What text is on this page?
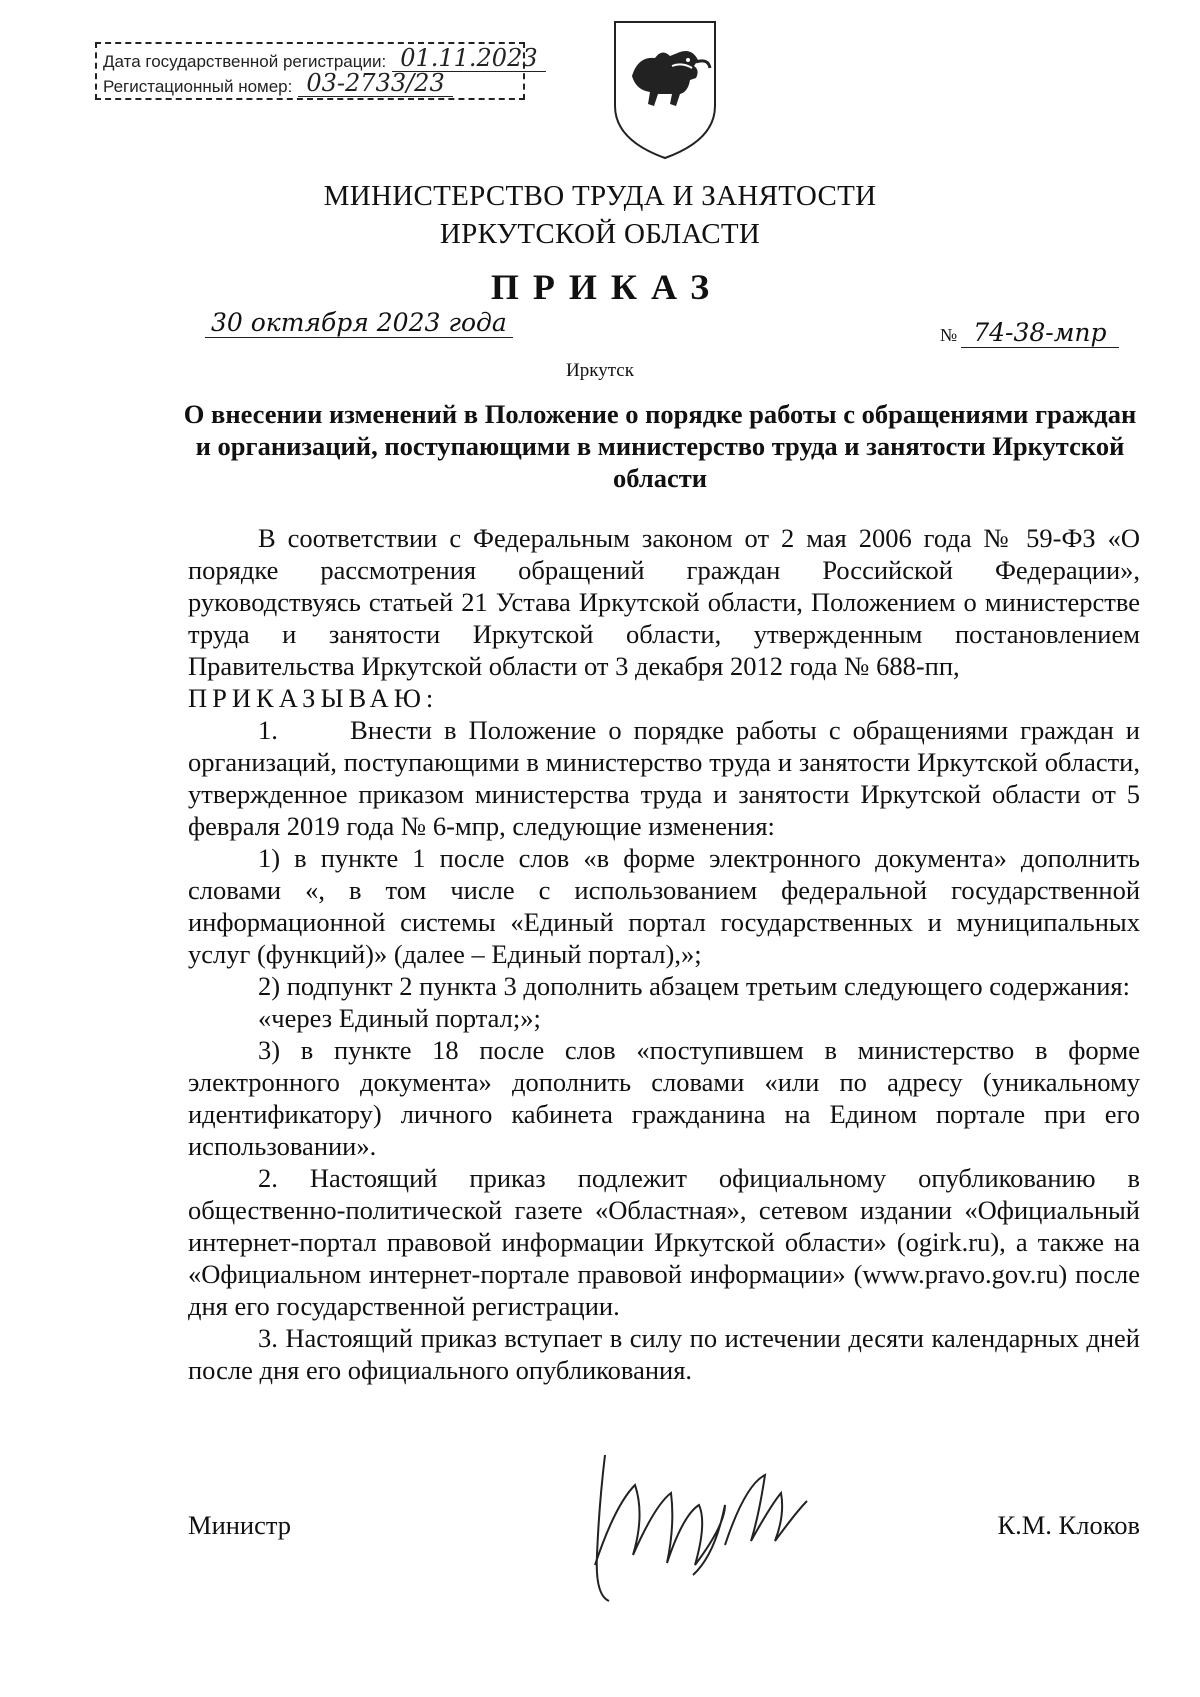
Дата государственной регистрации: 01.11.2023
Регистационный номер: 03-2733/23
МИНИСТЕРСТВО ТРУДА И ЗАНЯТОСТИ
ИРКУТСКОЙ ОБЛАСТИ
ПРИКАЗ
30 октября 2023 года	№ 74-38-мпр
Иркутск
О внесении изменений в Положение о порядке работы с обращениями граждан и организаций, поступающими в министерство труда и занятости Иркутской области

В соответствии с Федеральным законом от 2 мая 2006 года № 59-ФЗ «О порядке рассмотрения обращений граждан Российской Федерации», руководствуясь статьей 21 Устава Иркутской области, Положением о министерстве труда и занятости Иркутской области, утвержденным постановлением Правительства Иркутской области от 3 декабря 2012 года № 688-пп,

ПРИКАЗЫВАЮ:

1.      Внести в Положение о порядке работы с обращениями граждан и организаций, поступающими в министерство труда и занятости Иркутской области, утвержденное приказом министерства труда и занятости Иркутской области от 5 февраля 2019 года № 6-мпр, следующие изменения:

1) в пункте 1 после слов «в форме электронного документа» дополнить словами «, в том числе с использованием федеральной государственной информационной системы «Единый портал государственных и муниципальных услуг (функций)» (далее – Единый портал),»;

2) подпункт 2 пункта 3 дополнить абзацем третьим следующего содержания:

«через Единый портал;»;

3) в пункте 18 после слов «поступившем в министерство в форме электронного документа» дополнить словами «или по адресу (уникальному идентификатору) личного кабинета гражданина на Едином портале при его использовании».

2. Настоящий приказ подлежит официальному опубликованию в общественно-политической газете «Областная», сетевом издании «Официальный интернет-портал правовой информации Иркутской области» (ogirk.ru), а также на «Официальном интернет-портале правовой информации» (www.pravo.gov.ru) после дня его государственной регистрации.

3. Настоящий приказ вступает в силу по истечении десяти календарных дней после дня его официального опубликования.

Министр	К.М. Клоков
